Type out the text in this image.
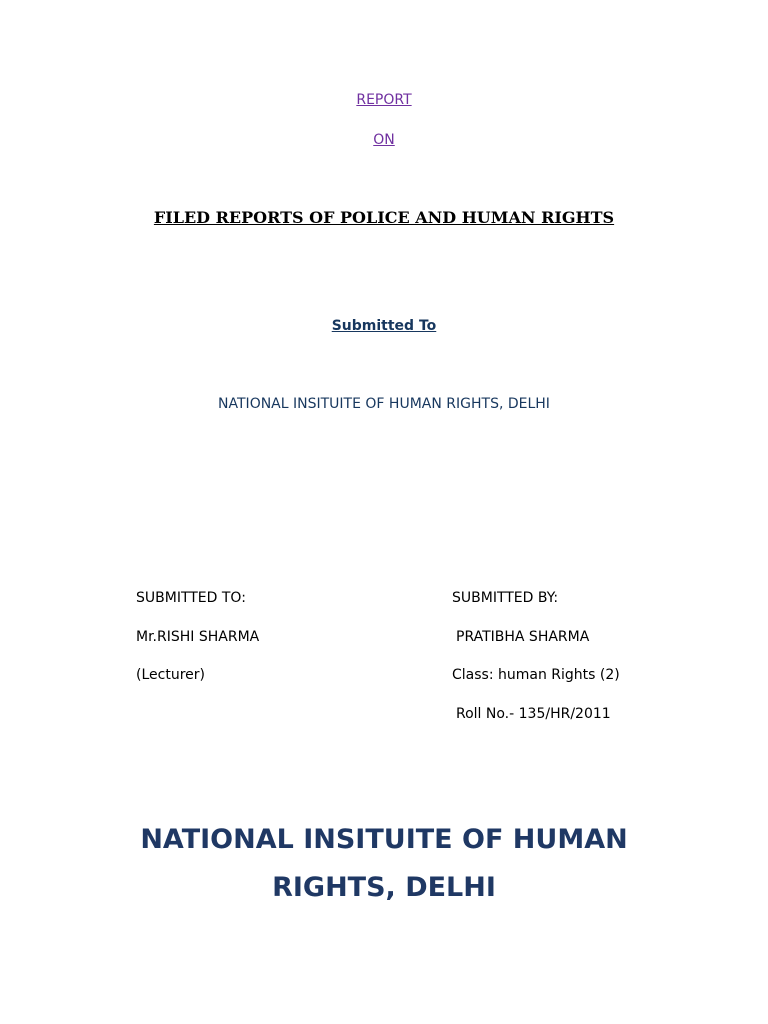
REPORT
ON
FILED REPORTS OF POLICE AND HUMAN RIGHTS
Submitted To
NATIONAL INSITUITE OF HUMAN RIGHTS, DELHI
SUBMITTED TO:
Mr.RISHI SHARMA
(Lecturer)
SUBMITTED BY:
PRATIBHA SHARMA
Class: human Rights (2)
Roll No.- 135/HR/2011
NATIONAL INSITUITE OF HUMAN
RIGHTS, DELHI
